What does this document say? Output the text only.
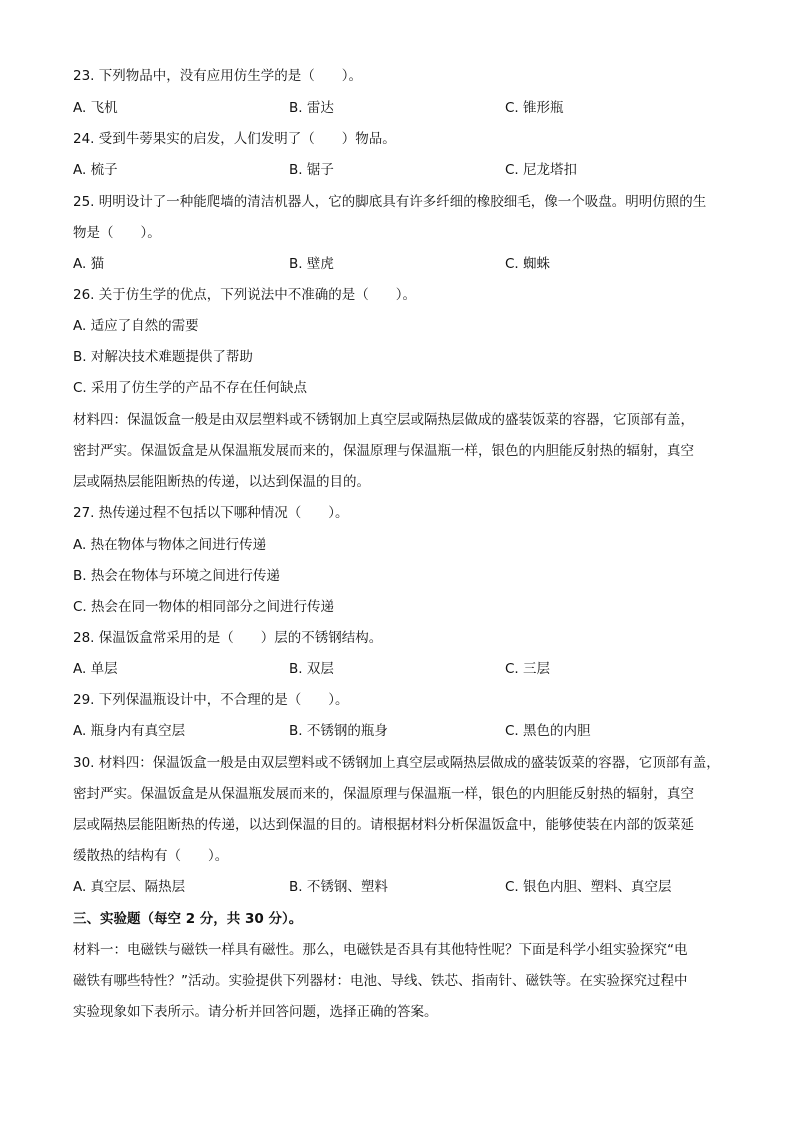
23. 下列物品中，没有应用仿生学的是（　　）。
A. 飞机	B. 雷达	C. 锥形瓶
24. 受到牛蒡果实的启发，人们发明了（　　）物品。
A. 梳子	B. 锯子	C. 尼龙塔扣
25. 明明设计了一种能爬墙的清洁机器人，它的脚底具有许多纤细的橡胶细毛，像一个吸盘。明明仿照的生
物是（　　）。
A. 猫	B. 壁虎	C. 蜘蛛
26. 关于仿生学的优点，下列说法中不准确的是（　　）。
A. 适应了自然的需要
B. 对解决技术难题提供了帮助
C. 采用了仿生学的产品不存在任何缺点
材料四：保温饭盒一般是由双层塑料或不锈钢加上真空层或隔热层做成的盛装饭菜的容器，它顶部有盖，
密封严实。保温饭盒是从保温瓶发展而来的，保温原理与保温瓶一样，银色的内胆能反射热的辐射，真空
层或隔热层能阻断热的传递，以达到保温的目的。
27. 热传递过程不包括以下哪种情况（　　）。
A. 热在物体与物体之间进行传递
B. 热会在物体与环境之间进行传递
C. 热会在同一物体的相同部分之间进行传递
28. 保温饭盒常采用的是（　　）层的不锈钢结构。
A. 单层	B. 双层	C. 三层
29. 下列保温瓶设计中，不合理的是（　　）。
A. 瓶身内有真空层	B. 不锈钢的瓶身	C. 黑色的内胆
30. 材料四：保温饭盒一般是由双层塑料或不锈钢加上真空层或隔热层做成的盛装饭菜的容器，它顶部有盖，
密封严实。保温饭盒是从保温瓶发展而来的，保温原理与保温瓶一样，银色的内胆能反射热的辐射，真空
层或隔热层能阻断热的传递，以达到保温的目的。请根据材料分析保温饭盒中，能够使装在内部的饭菜延
缓散热的结构有（　　）。
A. 真空层、隔热层	B. 不锈钢、塑料	C. 银色内胆、塑料、真空层
三、实验题（每空 2 分，共 30 分）。
材料一：电磁铁与磁铁一样具有磁性。那么，电磁铁是否具有其他特性呢？下面是科学小组实验探究“电
磁铁有哪些特性？”活动。实验提供下列器材：电池、导线、铁芯、指南针、磁铁等。在实验探究过程中
实验现象如下表所示。请分析并回答问题，选择正确的答案。
